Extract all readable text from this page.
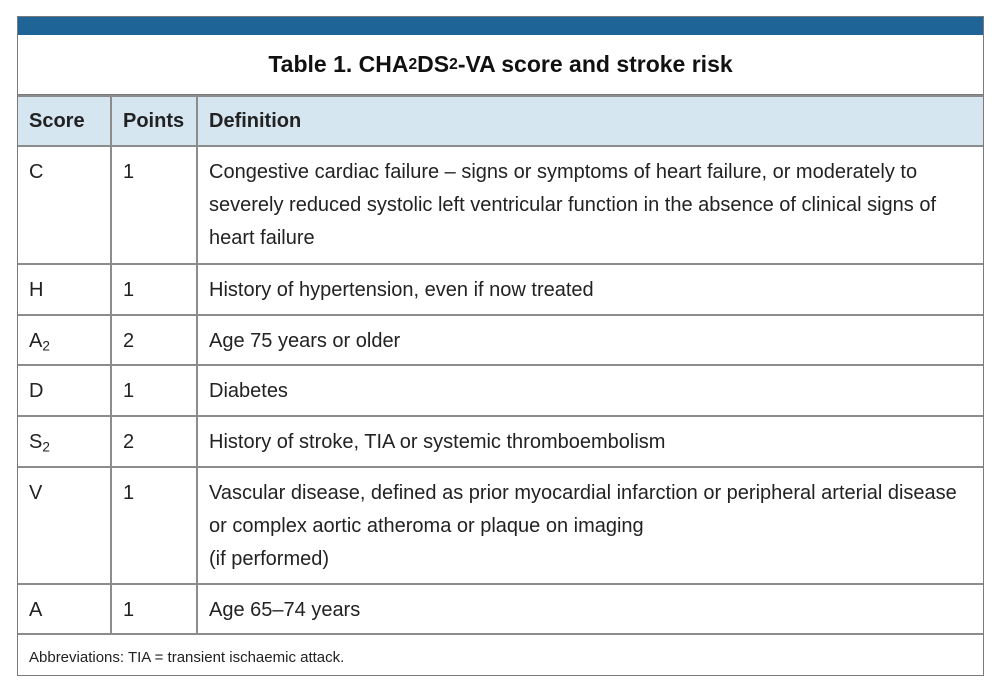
Table 1. CHA 2 DS 2 -VA score and stroke risk
Score	Points	Definition
C	1	Congestive cardiac failure – signs or symptoms of heart failure, or moderately to severely reduced systolic left ventricular function in the absence of clinical signs of heart failure
H	1	History of hypertension, even if now treated
$A_2$	2	Age 75 years or older
D	1	Diabetes
$S_2$	2	History of stroke, TIA or systemic thromboembolism
V	1	Vascular disease, defined as prior myocardial infarction or peripheral arterial disease or complex aortic atheroma or plaque on imaging
(if performed)
A	1	Age 65–74 years
Abbreviations: TIA = transient ischaemic attack.
